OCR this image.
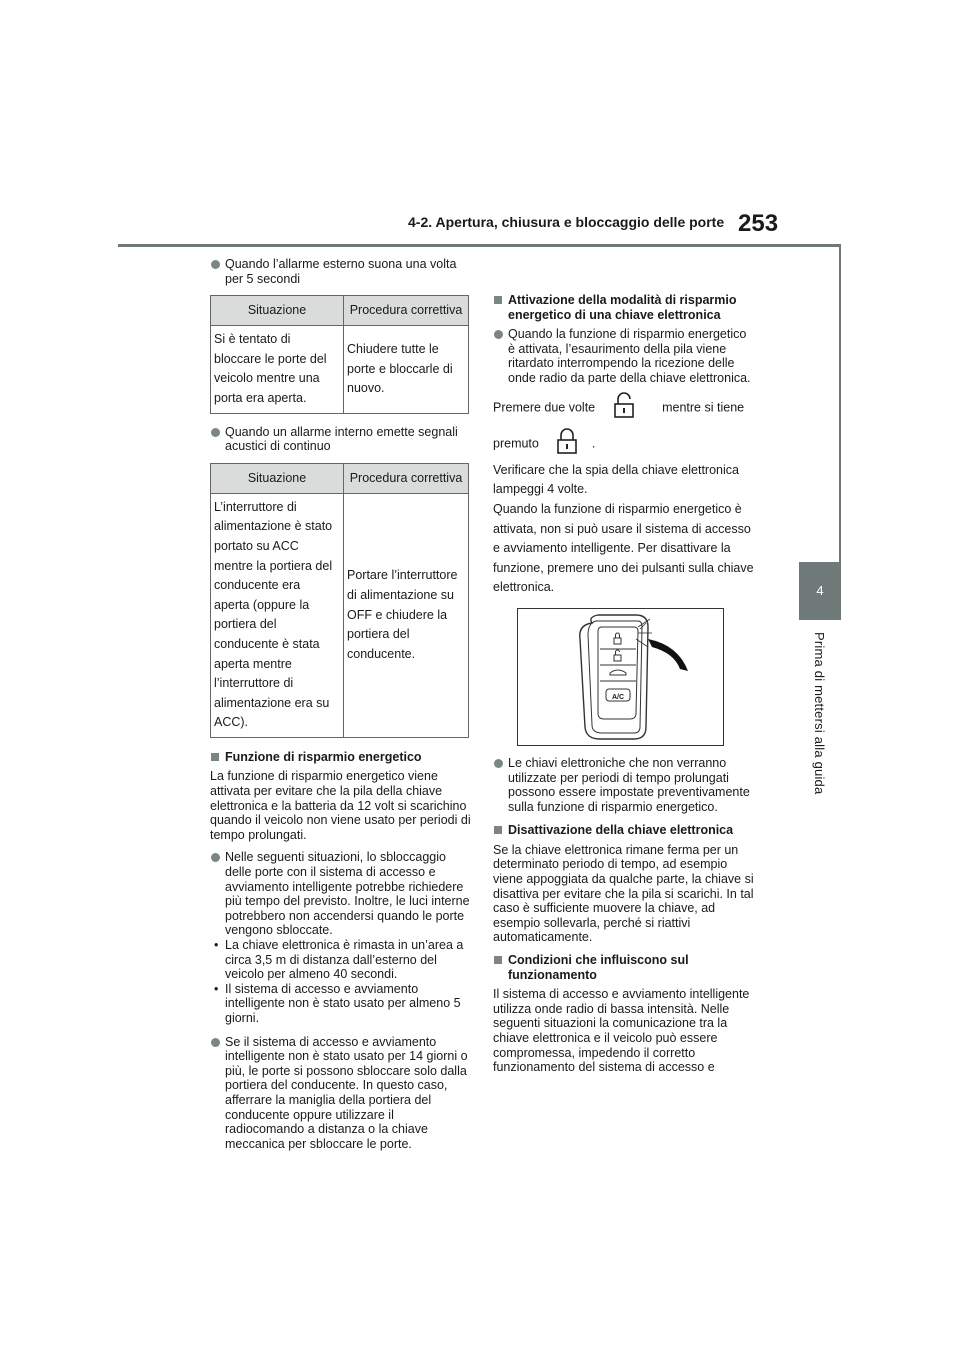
4-2. Apertura, chiusura e bloccaggio delle porte 253
4
Prima di mettersi alla guida

Quando l’allarme esterno suona una volta per 5 secondi

Situazione	Procedura correttiva
Si è tentato di bloccare le porte del veicolo mentre una porta era aperta.	Chiudere tutte le porte e bloccarle di nuovo.

Quando un allarme interno emette segnali acustici di continuo

Situazione	Procedura correttiva
L’interruttore di alimentazione è stato portato su ACC mentre la portiera del conducente era aperta (oppure la portiera del conducente è stata aperta mentre l’interruttore di alimentazione era su ACC).	Portare l’interruttore di alimentazione su OFF e chiudere la portiera del conducente.

Funzione di risparmio energetico

La funzione di risparmio energetico viene attivata per evitare che la pila della chiave elettronica e la batteria da 12 volt si scarichino quando il veicolo non viene usato per periodi di tempo prolungati.

Nelle seguenti situazioni, lo sbloccaggio delle porte con il sistema di accesso e avviamento intelligente potrebbe richiedere più tempo del previsto. Inoltre, le luci interne potrebbero non accendersi quando le porte vengono sbloccate.

• La chiave elettronica è rimasta in un’area a circa 3,5 m di distanza dall’esterno del veicolo per almeno 40 secondi.

• Il sistema di accesso e avviamento intelligente non è stato usato per almeno 5 giorni.

Se il sistema di accesso e avviamento intelligente non è stato usato per 14 giorni o più, le porte si possono sbloccare solo dalla portiera del conducente. In questo caso, afferrare la maniglia della portiera del conducente oppure utilizzare il radiocomando a distanza o la chiave meccanica per sbloccare le porte.

Attivazione della modalità di risparmio energetico di una chiave elettronica

Quando la funzione di risparmio energetico è attivata, l’esaurimento della pila viene ritardato interrompendo la ricezione delle onde radio da parte della chiave elettronica.

Premere due volte	mentre si tiene

premuto	.

Verificare che la spia della chiave elettronica lampeggi 4 volte.

Quando la funzione di risparmio energetico è attivata, non si può usare il sistema di accesso e avviamento intelligente. Per disattivare la funzione, premere uno dei pulsanti sulla chiave elettronica.

A/C

Le chiavi elettroniche che non verranno utilizzate per periodi di tempo prolungati possono essere impostate preventivamente sulla funzione di risparmio energetico.

Disattivazione della chiave elettronica

Se la chiave elettronica rimane ferma per un determinato periodo di tempo, ad esempio viene appoggiata da qualche parte, la chiave si disattiva per evitare che la pila si scarichi. In tal caso è sufficiente muovere la chiave, ad esempio sollevarla, perché si riattivi automaticamente.

Condizioni che influiscono sul funzionamento

Il sistema di accesso e avviamento intelligente utilizza onde radio di bassa intensità. Nelle seguenti situazioni la comunicazione tra la chiave elettronica e il veicolo può essere compromessa, impedendo il corretto funzionamento del sistema di accesso e
